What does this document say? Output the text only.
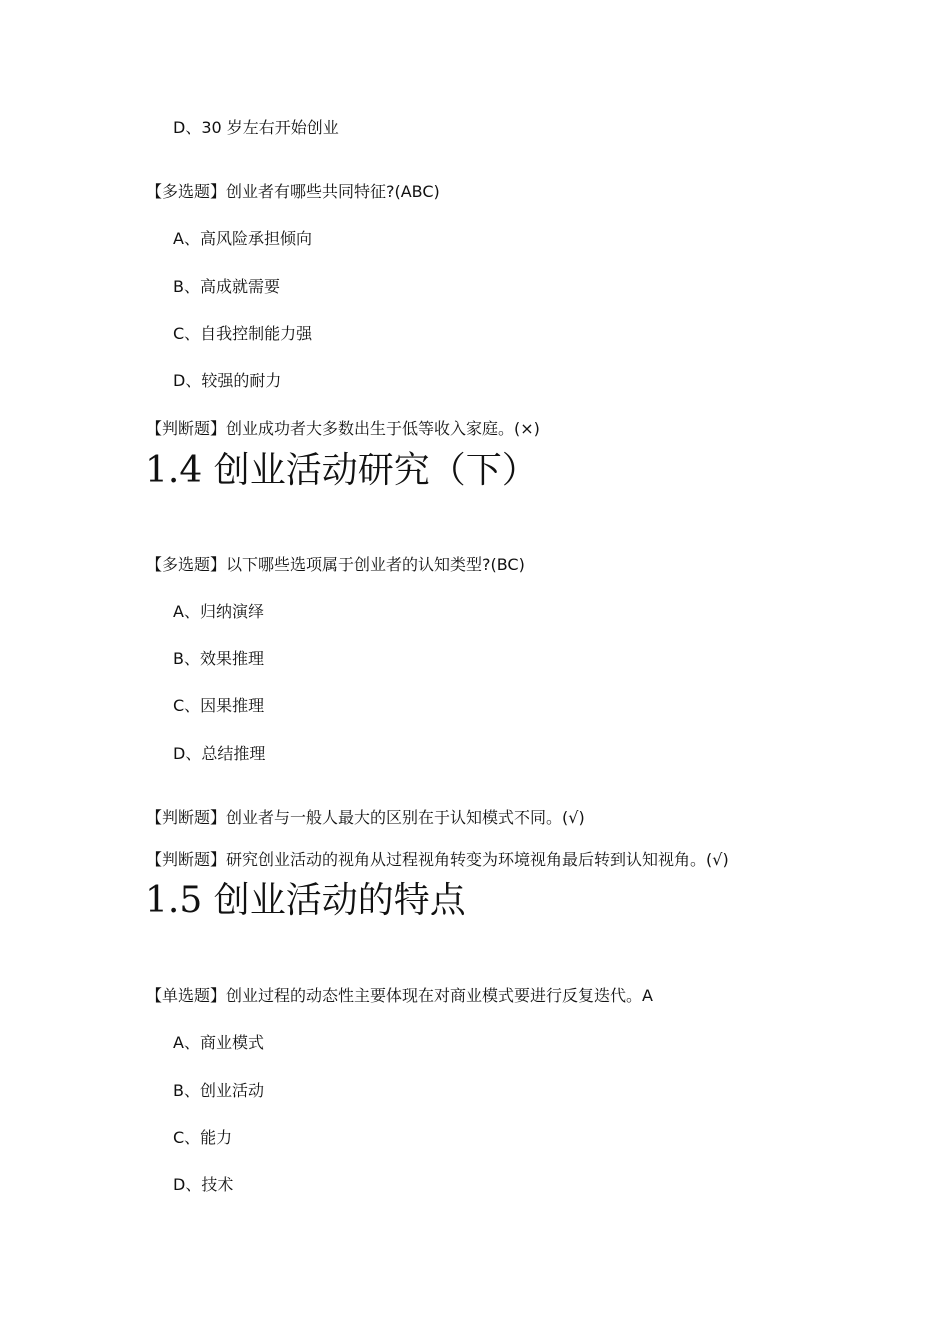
D、30 岁左右开始创业
【多选题】创业者有哪些共同特征?(ABC)
A、高风险承担倾向
B、高成就需要
C、自我控制能力强
D、较强的耐力
【判断题】创业成功者大多数出生于低等收入家庭。(×)
1.4 创业活动研究（下）
【多选题】以下哪些选项属于创业者的认知类型?(BC)
A、归纳演绎
B、效果推理
C、因果推理
D、总结推理
【判断题】创业者与一般人最大的区别在于认知模式不同。(√)
【判断题】研究创业活动的视角从过程视角转变为环境视角最后转到认知视角。(√)
1.5 创业活动的特点
【单选题】创业过程的动态性主要体现在对商业模式要进行反复迭代。A
A、商业模式
B、创业活动
C、能力
D、技术
